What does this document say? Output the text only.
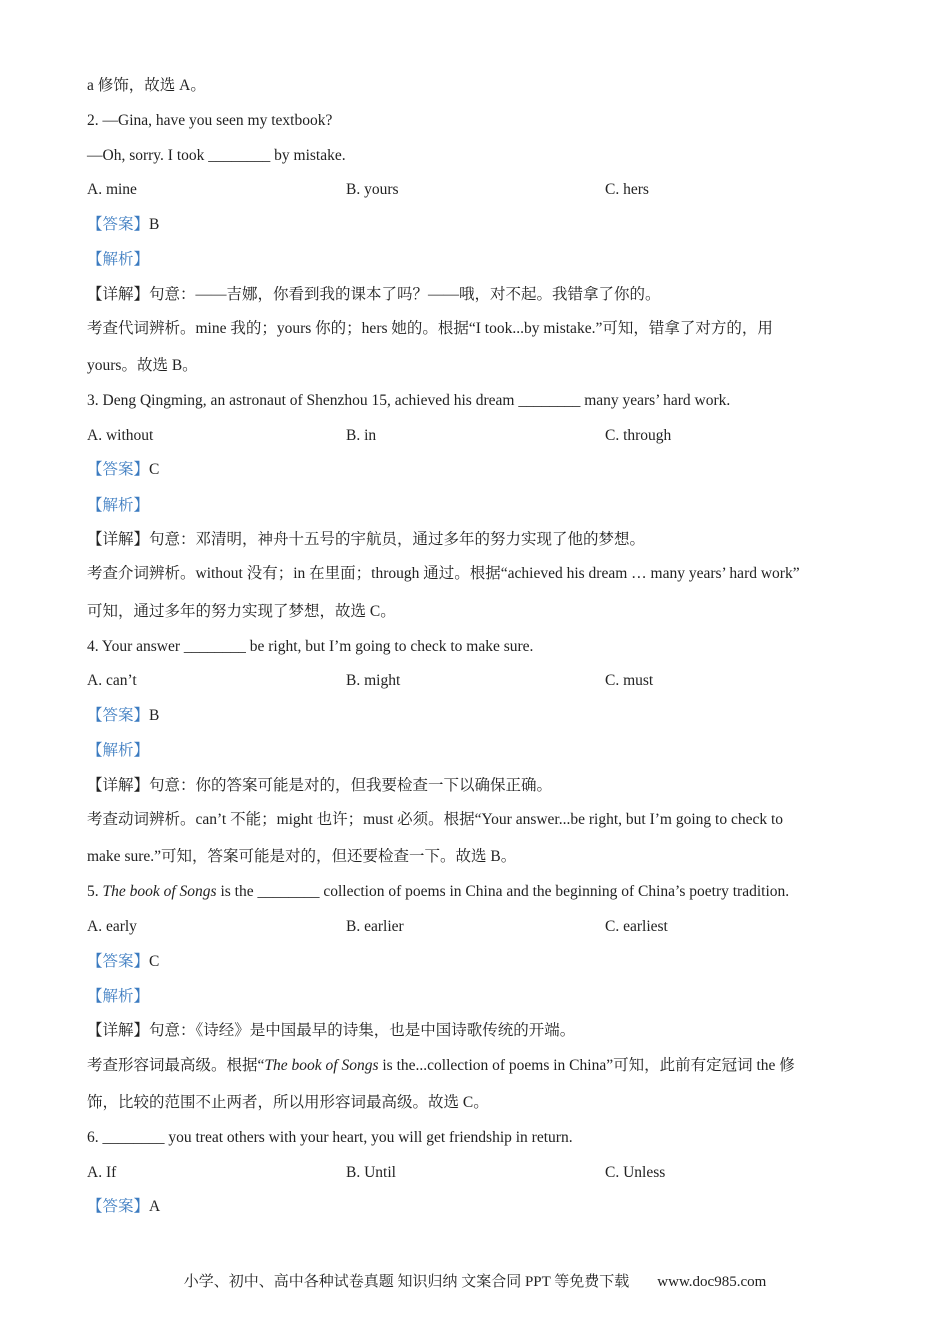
a 修饰，故选 A。
2. —Gina, have you seen my textbook?
—Oh, sorry. I took ________ by mistake.
A. mine	B. yours	C. hers
【答案】B
【解析】
【详解】句意：——吉娜，你看到我的课本了吗？——哦，对不起。我错拿了你的。
考查代词辨析。mine 我的；yours 你的；hers 她的。根据“I took...by mistake.”可知，错拿了对方的，用
yours。故选 B。
3. Deng Qingming, an astronaut of Shenzhou 15, achieved his dream ________ many years’ hard work.
A. without	B. in	C. through
【答案】C
【解析】
【详解】句意：邓清明，神舟十五号的宇航员，通过多年的努力实现了他的梦想。
考查介词辨析。without 没有；in 在里面；through 通过。根据“achieved his dream … many years’ hard work”
可知，通过多年的努力实现了梦想，故选 C。
4. Your answer ________ be right, but I’m going to check to make sure.
A. can’t	B. might	C. must
【答案】B
【解析】
【详解】句意：你的答案可能是对的，但我要检查一下以确保正确。
考查动词辨析。can’t 不能；might 也许；must 必须。根据“Your answer...be right, but I’m going to check to
make sure.”可知，答案可能是对的，但还要检查一下。故选 B。
5. The book of Songs is the ________ collection of poems in China and the beginning of China’s poetry tradition.
A. early	B. earlier	C. earliest
【答案】C
【解析】
【详解】句意：《诗经》是中国最早的诗集，也是中国诗歌传统的开端。
考查形容词最高级。根据“The book of Songs is the...collection of poems in China”可知，此前有定冠词 the 修
饰，比较的范围不止两者，所以用形容词最高级。故选 C。
6. ________ you treat others with your heart, you will get friendship in return.
A. If	B. Until	C. Unless
【答案】A
小学、初中、高中各种试卷真题 知识归纳 文案合同 PPT 等免费下载 www.doc985.com
